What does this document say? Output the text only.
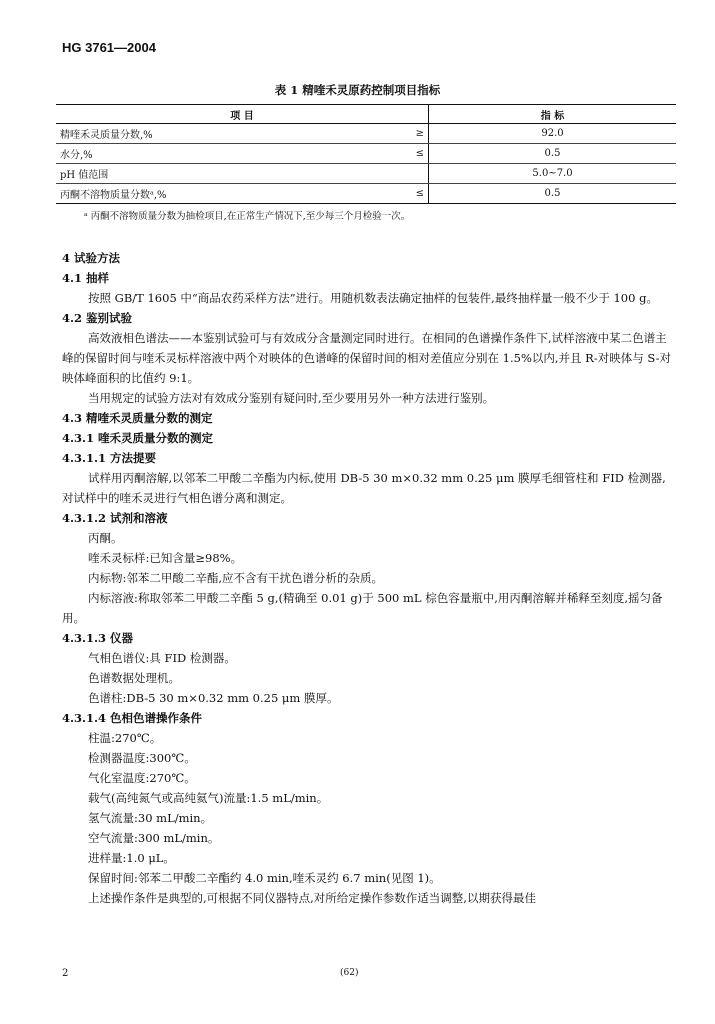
HG 3761—2004
表 1 精喹禾灵原药控制项目指标
项 目		指 标
精喹禾灵质量分数,%	≥	92.0
水分,%	≤	0.5
pH 值范围		5.0~7.0
丙酮不溶物质量分数ᵃ,%	≤	0.5
ᵃ 丙酮不溶物质量分数为抽检项目,在正常生产情况下,至少每三个月检验一次。

4 试验方法

4.1 抽样

按照 GB/T 1605 中“商品农药采样方法”进行。用随机数表法确定抽样的包装件,最终抽样量一般不少于 100 g。

4.2 鉴别试验

高效液相色谱法——本鉴别试验可与有效成分含量测定同时进行。在相同的色谱操作条件下,试样溶液中某二色谱主峰的保留时间与喹禾灵标样溶液中两个对映体的色谱峰的保留时间的相对差值应分别在 1.5%以内,并且 R-对映体与 S-对映体峰面积的比值约 9:1。

当用规定的试验方法对有效成分鉴别有疑问时,至少要用另外一种方法进行鉴别。

4.3 精喹禾灵质量分数的测定

4.3.1 喹禾灵质量分数的测定

4.3.1.1 方法提要

试样用丙酮溶解,以邻苯二甲酸二辛酯为内标,使用 DB-5 30 m×0.32 mm 0.25 μm 膜厚毛细管柱和 FID 检测器,对试样中的喹禾灵进行气相色谱分离和测定。

4.3.1.2 试剂和溶液

丙酮。

喹禾灵标样:已知含量≥98%。

内标物:邻苯二甲酸二辛酯,应不含有干扰色谱分析的杂质。

内标溶液:称取邻苯二甲酸二辛酯 5 g,(精确至 0.01 g)于 500 mL 棕色容量瓶中,用丙酮溶解并稀释至刻度,摇匀备用。

4.3.1.3 仪器

气相色谱仪:具 FID 检测器。

色谱数据处理机。

色谱柱:DB-5 30 m×0.32 mm 0.25 μm 膜厚。

4.3.1.4 色相色谱操作条件

柱温:270℃。

检测器温度:300℃。

气化室温度:270℃。

载气(高纯氮气或高纯氦气)流量:1.5 mL/min。

氢气流量:30 mL/min。

空气流量:300 mL/min。

进样量:1.0 μL。

保留时间:邻苯二甲酸二辛酯约 4.0 min,喹禾灵约 6.7 min(见图 1)。

上述操作条件是典型的,可根据不同仪器特点,对所给定操作参数作适当调整,以期获得最佳

2	(62)
